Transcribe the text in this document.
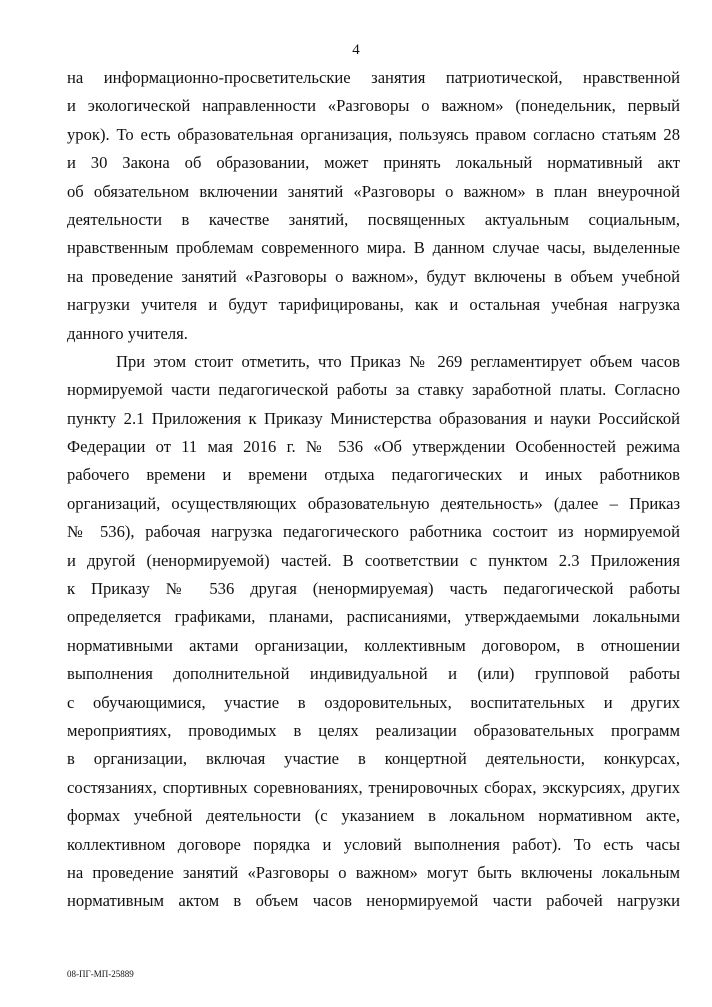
4
на информационно-просветительские занятия патриотической, нравственной
и экологической направленности «Разговоры о важном» (понедельник, первый
урок). То есть образовательная организация, пользуясь правом согласно статьям 28
и 30 Закона об образовании, может принять локальный нормативный акт
об обязательном включении занятий «Разговоры о важном» в план внеурочной
деятельности в качестве занятий, посвященных актуальным социальным,
нравственным проблемам современного мира. В данном случае часы, выделенные
на проведение занятий «Разговоры о важном», будут включены в объем учебной
нагрузки учителя и будут тарифицированы, как и остальная учебная нагрузка
данного учителя.
При этом стоит отметить, что Приказ № 269 регламентирует объем часов
нормируемой части педагогической работы за ставку заработной платы. Согласно
пункту 2.1 Приложения к Приказу Министерства образования и науки Российской
Федерации от 11 мая 2016 г. № 536 «Об утверждении Особенностей режима
рабочего времени и времени отдыха педагогических и иных работников
организаций, осуществляющих образовательную деятельность» (далее – Приказ
№ 536), рабочая нагрузка педагогического работника состоит из нормируемой
и другой (ненормируемой) частей. В соответствии с пунктом 2.3 Приложения
к Приказу № 536 другая (ненормируемая) часть педагогической работы
определяется графиками, планами, расписаниями, утверждаемыми локальными
нормативными актами организации, коллективным договором, в отношении
выполнения дополнительной индивидуальной и (или) групповой работы
с обучающимися, участие в оздоровительных, воспитательных и других
мероприятиях, проводимых в целях реализации образовательных программ
в организации, включая участие в концертной деятельности, конкурсах,
состязаниях, спортивных соревнованиях, тренировочных сборах, экскурсиях, других
формах учебной деятельности (с указанием в локальном нормативном акте,
коллективном договоре порядка и условий выполнения работ). То есть часы
на проведение занятий «Разговоры о важном» могут быть включены локальным
нормативным актом в объем часов ненормируемой части рабочей нагрузки
08-ПГ-МП-25889
